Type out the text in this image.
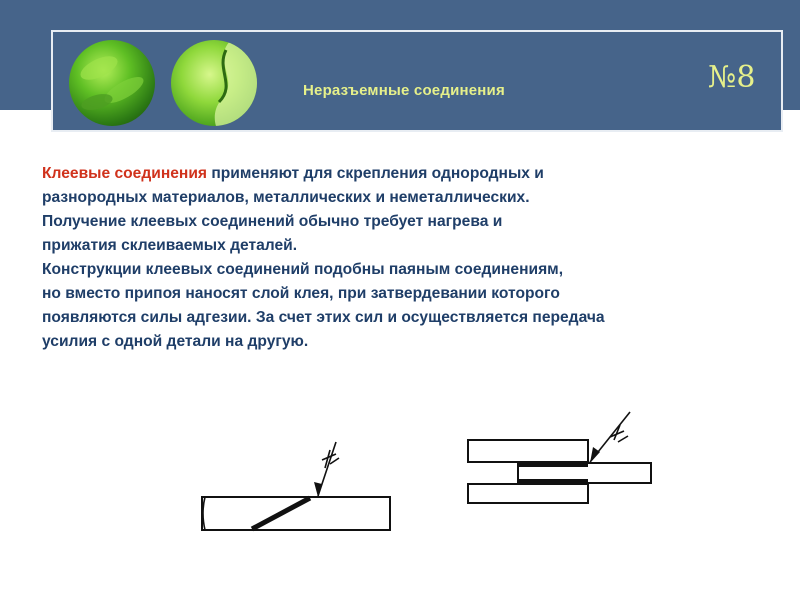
Неразъемные соединения	№8
Клеевые соединения применяют для скрепления однородных и
разнородных материалов, металлических и неметаллических.
Получение клеевых соединений обычно требует нагрева и
прижатия склеиваемых деталей.
Конструкции клеевых соединений подобны паяным соединениям,
но вместо припоя наносят слой клея, при затвердевании которого
появляются силы адгезии. За счет этих сил и осуществляется передача
усилия с одной детали на другую.
